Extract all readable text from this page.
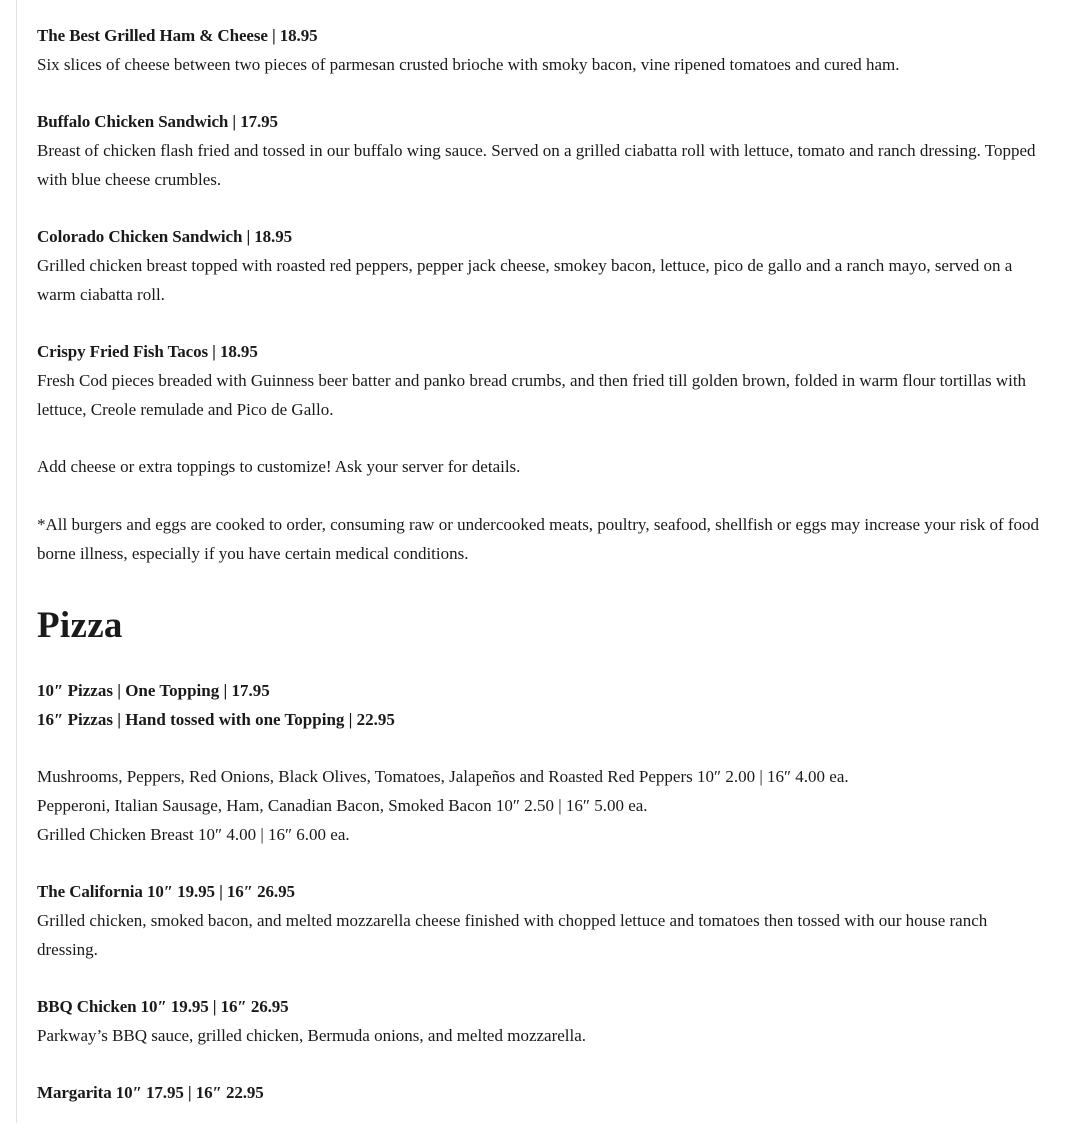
The Best Grilled Ham & Cheese | 18.95
Six slices of cheese between two pieces of parmesan crusted brioche with smoky bacon, vine ripened tomatoes and cured ham.
Buffalo Chicken Sandwich | 17.95
Breast of chicken flash fried and tossed in our buffalo wing sauce. Served on a grilled ciabatta roll with lettuce, tomato and ranch dressing. Topped with blue cheese crumbles.
Colorado Chicken Sandwich | 18.95
Grilled chicken breast topped with roasted red peppers, pepper jack cheese, smokey bacon, lettuce, pico de gallo and a ranch mayo, served on a warm ciabatta roll.
Crispy Fried Fish Tacos | 18.95
Fresh Cod pieces breaded with Guinness beer batter and panko bread crumbs, and then fried till golden brown, folded in warm flour tortillas with lettuce, Creole remulade and Pico de Gallo.
Add cheese or extra toppings to customize! Ask your server for details.
*All burgers and eggs are cooked to order, consuming raw or undercooked meats, poultry, seafood, shellfish or eggs may increase your risk of food borne illness, especially if you have certain medical conditions.
Pizza
10″ Pizzas | One Topping | 17.95
16″ Pizzas | Hand tossed with one Topping | 22.95
Mushrooms, Peppers, Red Onions, Black Olives, Tomatoes, Jalapeños and Roasted Red Peppers 10″ 2.00 | 16″ 4.00 ea.
Pepperoni, Italian Sausage, Ham, Canadian Bacon, Smoked Bacon 10″ 2.50 | 16″ 5.00 ea.
Grilled Chicken Breast 10″ 4.00 | 16″ 6.00 ea.
The California 10″ 19.95 | 16″ 26.95
Grilled chicken, smoked bacon, and melted mozzarella cheese finished with chopped lettuce and tomatoes then tossed with our house ranch dressing.
BBQ Chicken 10″ 19.95 | 16″ 26.95
Parkway’s BBQ sauce, grilled chicken, Bermuda onions, and melted mozzarella.
Margarita 10″ 17.95 | 16″ 22.95
